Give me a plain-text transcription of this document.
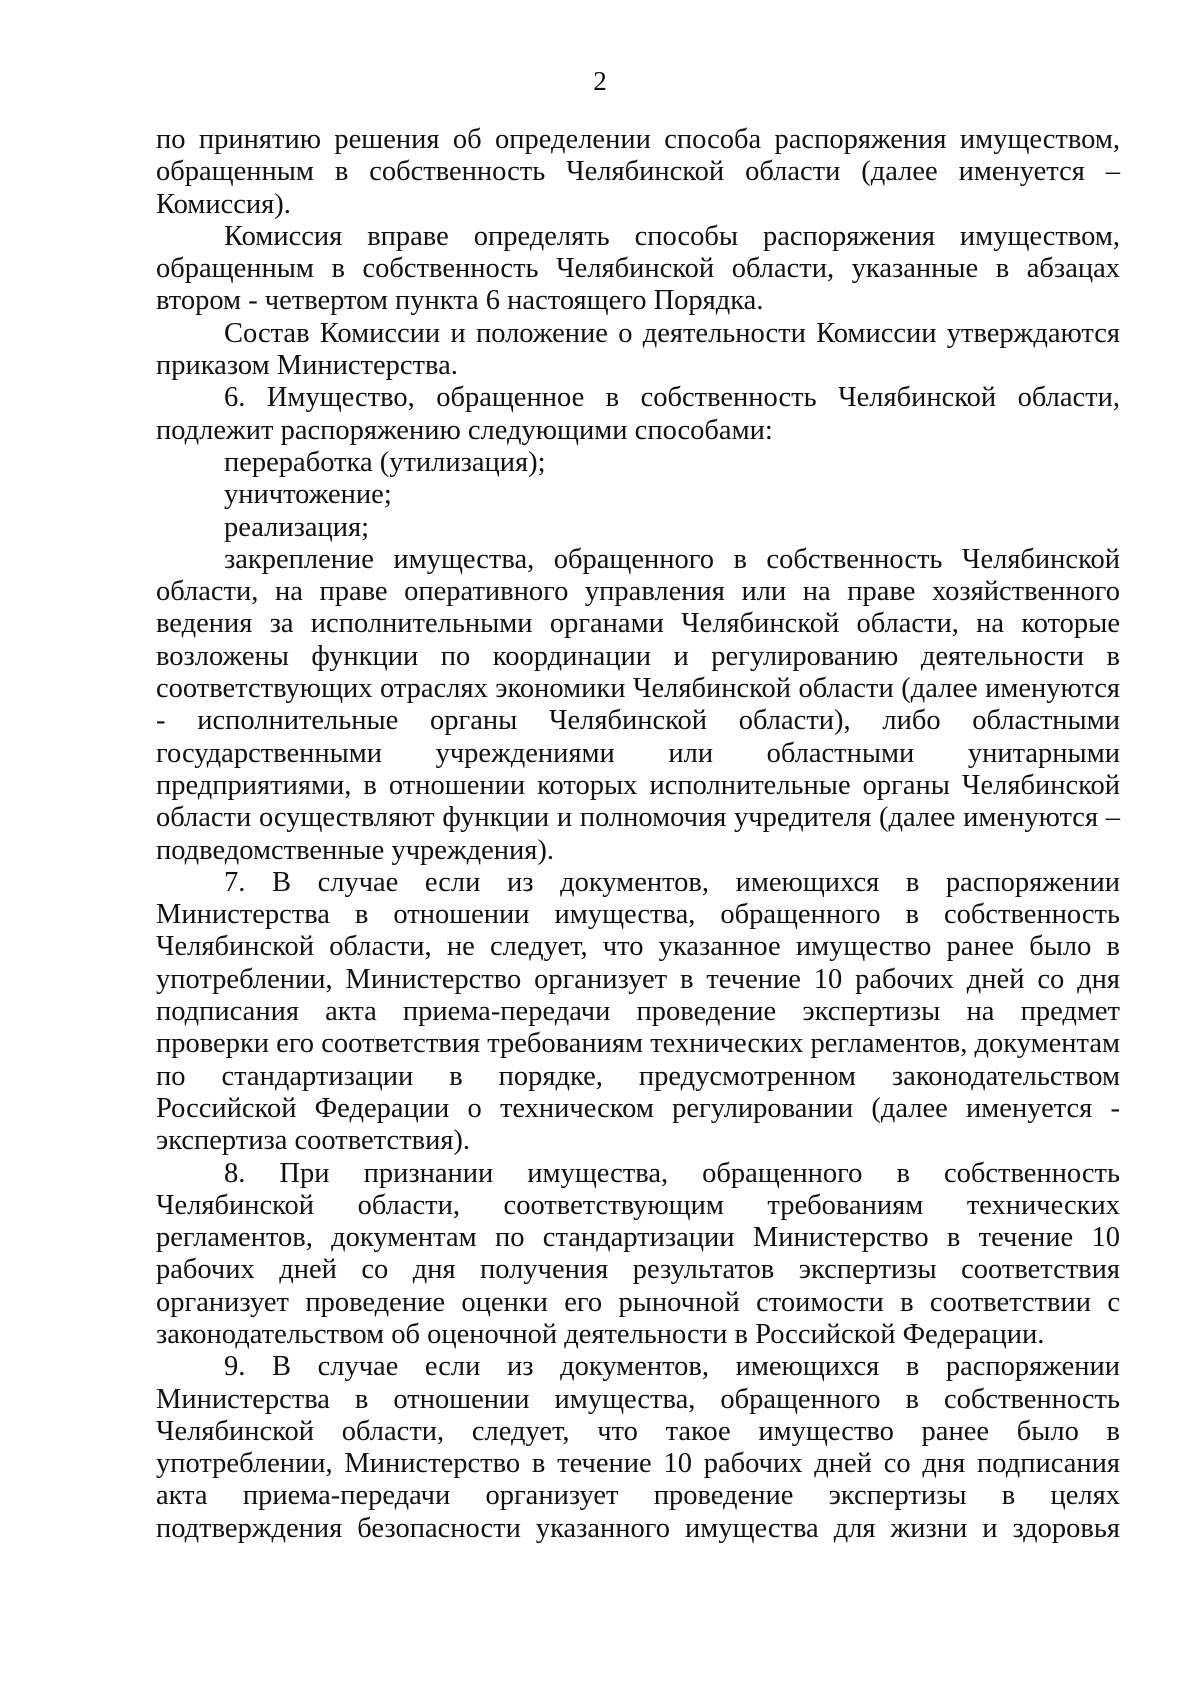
2

по принятию решения об определении способа распоряжения имуществом, обращенным в собственность Челябинской области (далее именуется – Комиссия).

Комиссия вправе определять способы распоряжения имуществом, обращенным в собственность Челябинской области, указанные в абзацах втором - четвертом пункта 6 настоящего Порядка.

Состав Комиссии и положение о деятельности Комиссии утверждаются приказом Министерства.

6. Имущество, обращенное в собственность Челябинской области, подлежит распоряжению следующими способами:

переработка (утилизация);

уничтожение;

реализация;

закрепление имущества, обращенного в собственность Челябинской области, на праве оперативного управления или на праве хозяйственного ведения за исполнительными органами Челябинской области, на которые возложены функции по координации и регулированию деятельности в соответствующих отраслях экономики Челябинской области (далее именуются - исполнительные органы Челябинской области), либо областными государственными учреждениями или областными унитарными предприятиями, в отношении которых исполнительные органы Челябинской области осуществляют функции и полномочия учредителя (далее именуются – подведомственные учреждения).

7. В случае если из документов, имеющихся в распоряжении Министерства в отношении имущества, обращенного в собственность Челябинской области, не следует, что указанное имущество ранее было в употреблении, Министерство организует в течение 10 рабочих дней со дня подписания акта приема-передачи проведение экспертизы на предмет проверки его соответствия требованиям технических регламентов, документам по стандартизации в порядке, предусмотренном законодательством Российской Федерации о техническом регулировании (далее именуется - экспертиза соответствия).

8. При признании имущества, обращенного в собственность Челябинской области, соответствующим требованиям технических регламентов, документам по стандартизации Министерство в течение 10 рабочих дней со дня получения результатов экспертизы соответствия организует проведение оценки его рыночной стоимости в соответствии с законодательством об оценочной деятельности в Российской Федерации.

9. В случае если из документов, имеющихся в распоряжении Министерства в отношении имущества, обращенного в собственность Челябинской области, следует, что такое имущество ранее было в употреблении, Министерство в течение 10 рабочих дней со дня подписания акта приема-передачи организует проведение экспертизы в целях подтверждения безопасности указанного имущества для жизни и здоровья
